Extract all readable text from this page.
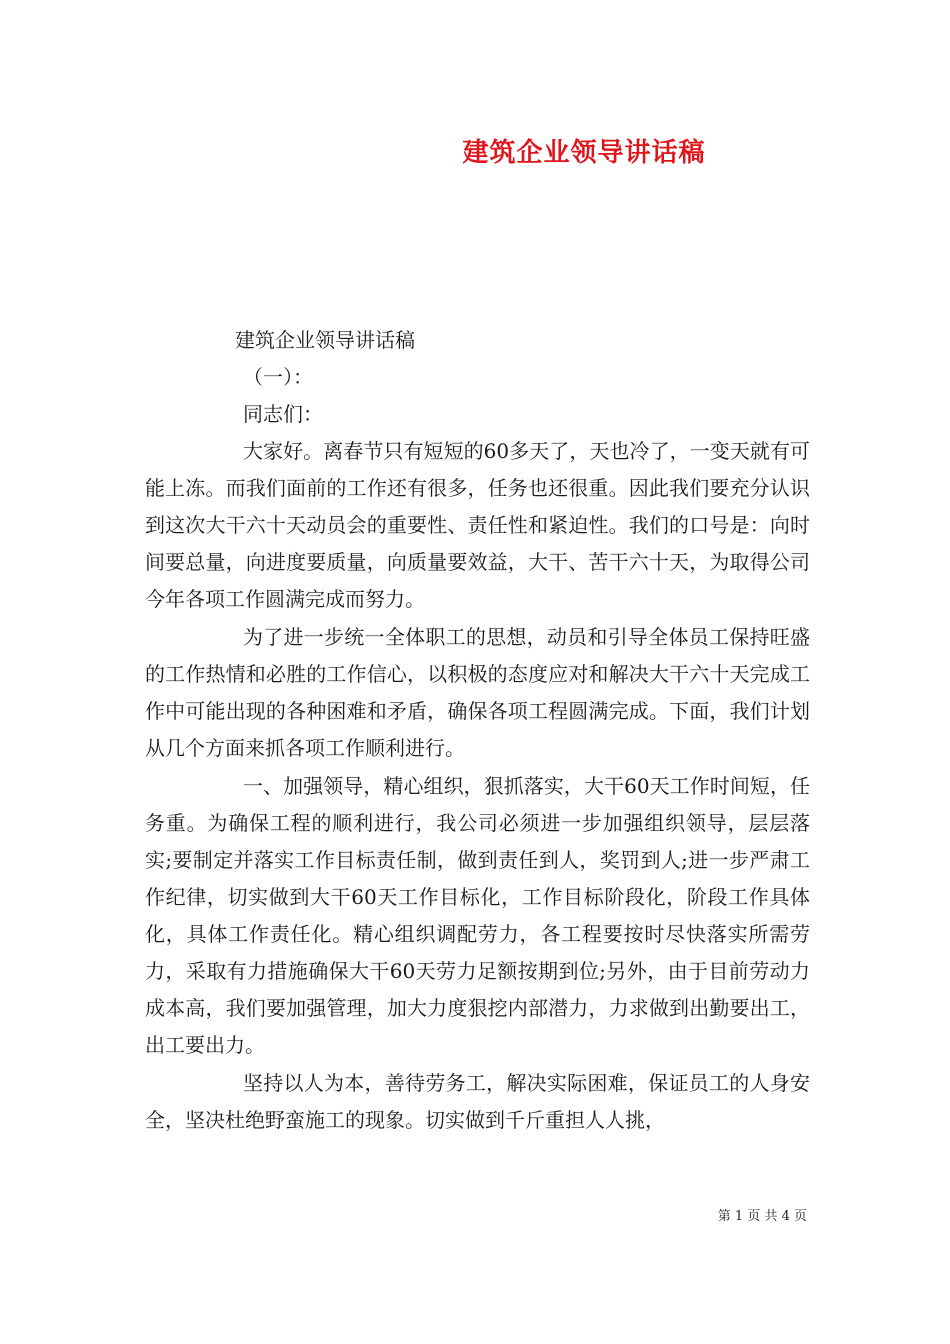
建筑企业领导讲话稿
建筑企业领导讲话稿
（一）：
同志们：

大家好。离春节只有短短的60多天了，天也冷了，一变天就有可能上冻。而我们面前的工作还有很多，任务也还很重。因此我们要充分认识到这次大干六十天动员会的重要性、责任性和紧迫性。我们的口号是：向时间要总量，向进度要质量，向质量要效益，大干、苦干六十天，为取得公司今年各项工作圆满完成而努力。

为了进一步统一全体职工的思想，动员和引导全体员工保持旺盛的工作热情和必胜的工作信心，以积极的态度应对和解决大干六十天完成工作中可能出现的各种困难和矛盾，确保各项工程圆满完成。下面，我们计划从几个方面来抓各项工作顺利进行。

一、加强领导，精心组织，狠抓落实，大干60天工作时间短，任务重。为确保工程的顺利进行，我公司必须进一步加强组织领导，层层落实;要制定并落实工作目标责任制，做到责任到人，奖罚到人;进一步严肃工作纪律，切实做到大干60天工作目标化，工作目标阶段化，阶段工作具体化，具体工作责任化。精心组织调配劳力，各工程要按时尽快落实所需劳力，采取有力措施确保大干60天劳力足额按期到位;另外，由于目前劳动力成本高，我们要加强管理，加大力度狠挖内部潜力，力求做到出勤要出工，出工要出力。

坚持以人为本，善待劳务工，解决实际困难，保证员工的人身安全，坚决杜绝野蛮施工的现象。切实做到千斤重担人人挑，

第 1 页 共 4 页
